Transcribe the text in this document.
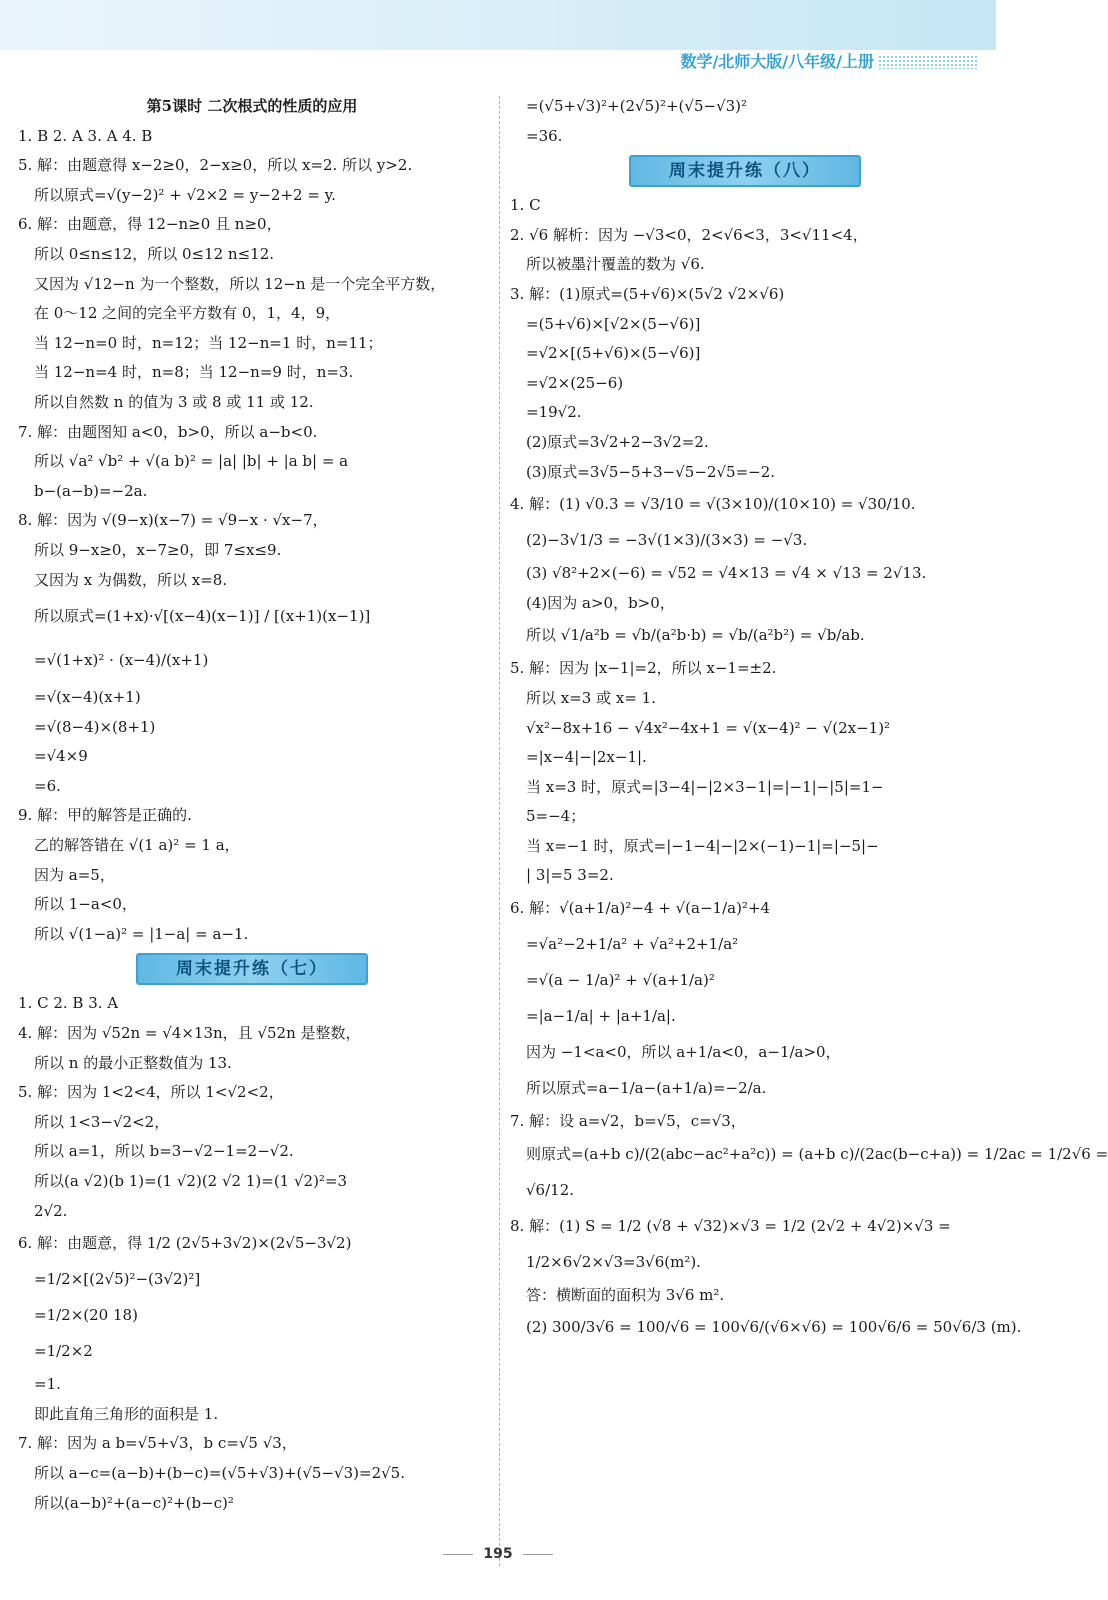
数学/北师大版/八年级/上册
第5课时 二次根式的性质的应用
1. B 2. A 3. A 4. B
5. 解：由题意得 x−2≥0，2−x≥0，所以 x=2. 所以 y>2.
所以原式=√(y−2)² + √2×2 = y−2+2 = y.
6. 解：由题意，得 12−n≥0 且 n≥0，
所以 0≤n≤12，所以 0≤12 n≤12.
又因为 √12−n 为一个整数，所以 12−n 是一个完全平方数，
在 0～12 之间的完全平方数有 0，1，4，9，
当 12−n=0 时，n=12；当 12−n=1 时，n=11；
当 12−n=4 时，n=8；当 12−n=9 时，n=3.
所以自然数 n 的值为 3 或 8 或 11 或 12.
7. 解：由题图知 a<0，b>0，所以 a−b<0.
所以 √a² √b² + √(a b)² = |a| |b| + |a b| = a
b−(a−b)=−2a.
8. 解：因为 √(9−x)(x−7) = √9−x · √x−7，
所以 9−x≥0，x−7≥0，即 7≤x≤9.
又因为 x 为偶数，所以 x=8.
所以原式=(1+x)·√[(x−4)(x−1)] / [(x+1)(x−1)]
=√(1+x)² · (x−4)/(x+1)
=√(x−4)(x+1)
=√(8−4)×(8+1)
=√4×9
=6.
9. 解：甲的解答是正确的.
乙的解答错在 √(1 a)² = 1 a，
因为 a=5，
所以 1−a<0，
所以 √(1−a)² = |1−a| = a−1.
周末提升练（七）
1. C 2. B 3. A
4. 解：因为 √52n = √4×13n，且 √52n 是整数，
所以 n 的最小正整数值为 13.
5. 解：因为 1<2<4，所以 1<√2<2，
所以 1<3−√2<2，
所以 a=1，所以 b=3−√2−1=2−√2.
所以(a √2)(b 1)=(1 √2)(2 √2 1)=(1 √2)²=3
2√2.
6. 解：由题意，得 1/2 (2√5+3√2)×(2√5−3√2)
=1/2×[(2√5)²−(3√2)²]
=1/2×(20 18)
=1/2×2
=1.
即此直角三角形的面积是 1.
7. 解：因为 a b=√5+√3，b c=√5 √3，
所以 a−c=(a−b)+(b−c)=(√5+√3)+(√5−√3)=2√5.
所以(a−b)²+(a−c)²+(b−c)²
=(√5+√3)²+(2√5)²+(√5−√3)²
=36.
周末提升练（八）
1. C
2. √6 解析：因为 −√3<0，2<√6<3，3<√11<4，
所以被墨汁覆盖的数为 √6.
3. 解：(1)原式=(5+√6)×(5√2 √2×√6)
=(5+√6)×[√2×(5−√6)]
=√2×[(5+√6)×(5−√6)]
=√2×(25−6)
=19√2.
(2)原式=3√2+2−3√2=2.
(3)原式=3√5−5+3−√5−2√5=−2.
4. 解：(1) √0.3 = √3/10 = √(3×10)/(10×10) = √30/10.
(2)−3√1/3 = −3√(1×3)/(3×3) = −√3.
(3) √8²+2×(−6) = √52 = √4×13 = √4 × √13 = 2√13.
(4)因为 a>0，b>0，
所以 √1/a²b = √b/(a²b·b) = √b/(a²b²) = √b/ab.
5. 解：因为 |x−1|=2，所以 x−1=±2.
所以 x=3 或 x= 1.
√x²−8x+16 − √4x²−4x+1 = √(x−4)² − √(2x−1)²
=|x−4|−|2x−1|.
当 x=3 时，原式=|3−4|−|2×3−1|=|−1|−|5|=1−
5=−4；
当 x=−1 时，原式=|−1−4|−|2×(−1)−1|=|−5|−
| 3|=5 3=2.
6. 解：√(a+1/a)²−4 + √(a−1/a)²+4
=√a²−2+1/a² + √a²+2+1/a²
=√(a − 1/a)² + √(a+1/a)²
=|a−1/a| + |a+1/a|.
因为 −1<a<0，所以 a+1/a<0，a−1/a>0，
所以原式=a−1/a−(a+1/a)=−2/a.
7. 解：设 a=√2，b=√5，c=√3，
则原式=(a+b c)/(2(abc−ac²+a²c)) = (a+b c)/(2ac(b−c+a)) = 1/2ac = 1/2√6 =
√6/12.
8. 解：(1) S = 1/2 (√8 + √32)×√3 = 1/2 (2√2 + 4√2)×√3 =
1/2×6√2×√3=3√6(m²).
答：横断面的面积为 3√6 m².
(2) 300/3√6 = 100/√6 = 100√6/(√6×√6) = 100√6/6 = 50√6/3 (m).
195
